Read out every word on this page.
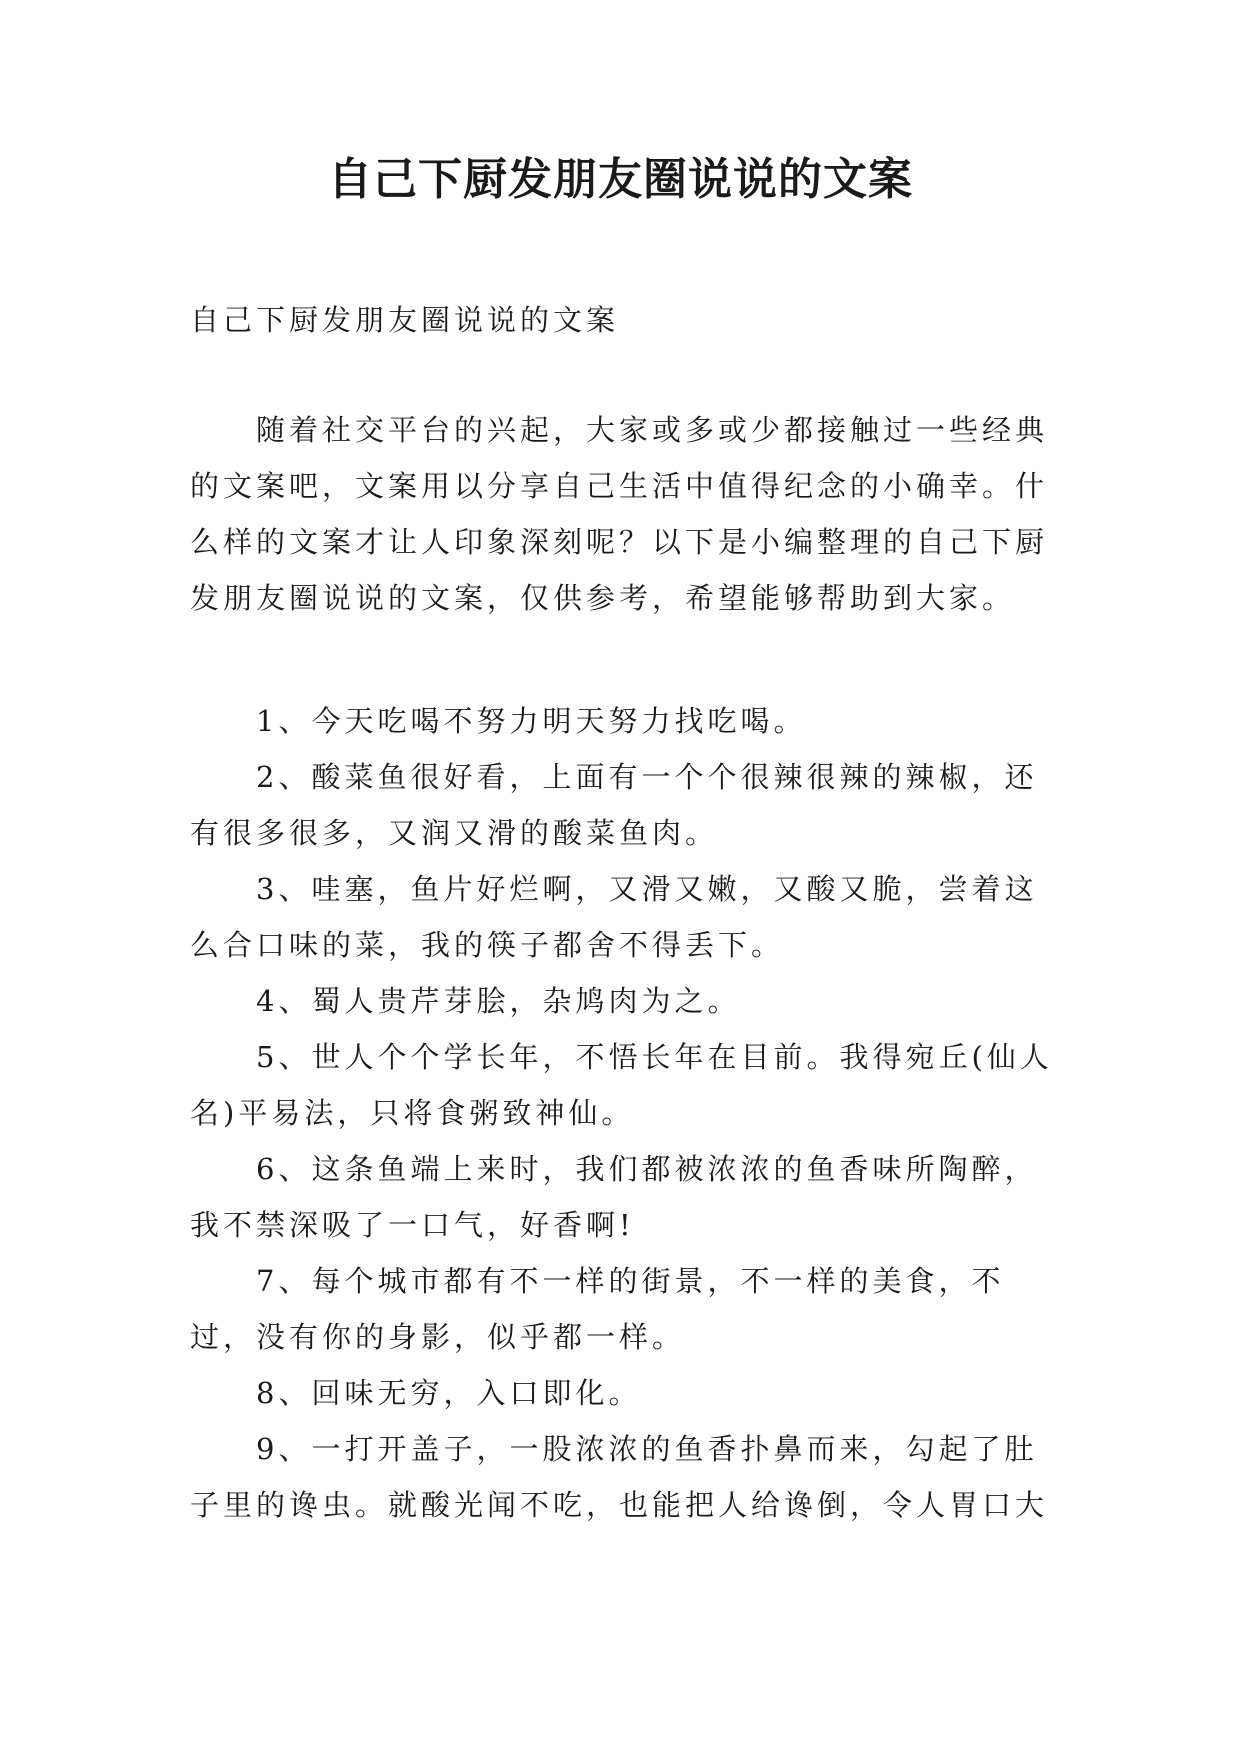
自己下厨发朋友圈说说的文案

自己下厨发朋友圈说说的文案

随着社交平台的兴起，大家或多或少都接触过一些经典的文案吧，文案用以分享自己生活中值得纪念的小确幸。什么样的文案才让人印象深刻呢？以下是小编整理的自己下厨发朋友圈说说的文案，仅供参考，希望能够帮助到大家。

1、今天吃喝不努力明天努力找吃喝。

2、酸菜鱼很好看，上面有一个个很辣很辣的辣椒，还有很多很多，又润又滑的酸菜鱼肉。

3、哇塞，鱼片好烂啊，又滑又嫩，又酸又脆，尝着这么合口味的菜，我的筷子都舍不得丢下。

4、蜀人贵芹芽脍，杂鸠肉为之。

5、世人个个学长年，不悟长年在目前。我得宛丘(仙人名)平易法，只将食粥致神仙。

6、这条鱼端上来时，我们都被浓浓的鱼香味所陶醉，我不禁深吸了一口气，好香啊!

7、每个城市都有不一样的街景，不一样的美食，不过，没有你的身影，似乎都一样。

8、回味无穷，入口即化。

9、一打开盖子，一股浓浓的鱼香扑鼻而来，勾起了肚子里的谗虫。就酸光闻不吃，也能把人给谗倒，令人胃口大
